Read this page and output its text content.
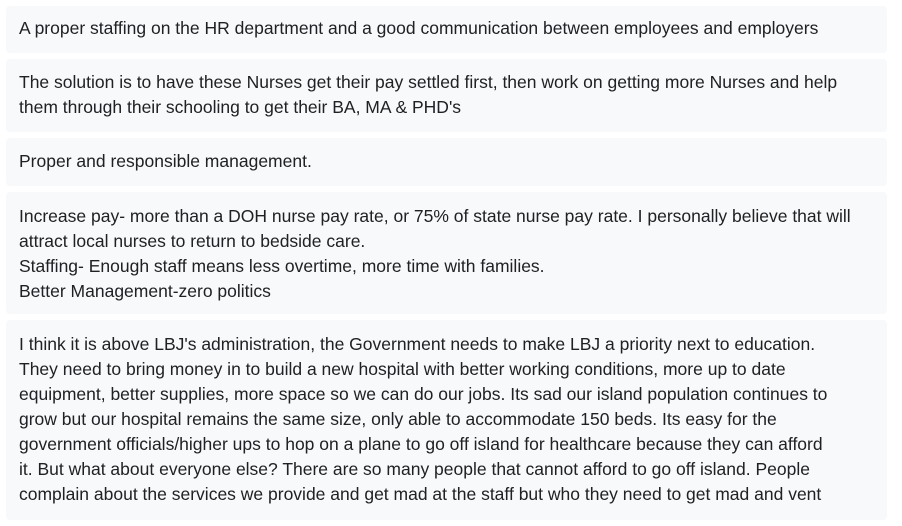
A proper staffing on the HR department and a good communication between employees and employers
The solution is to have these Nurses get their pay settled first, then work on getting more Nurses and help
them through their schooling to get their BA, MA & PHD's
Proper and responsible management.
Increase pay- more than a DOH nurse pay rate, or 75% of state nurse pay rate. I personally believe that will
attract local nurses to return to bedside care.
Staffing- Enough staff means less overtime, more time with families.
Better Management-zero politics
I think it is above LBJ's administration, the Government needs to make LBJ a priority next to education.
They need to bring money in to build a new hospital with better working conditions, more up to date
equipment, better supplies, more space so we can do our jobs. Its sad our island population continues to
grow but our hospital remains the same size, only able to accommodate 150 beds. Its easy for the
government officials/higher ups to hop on a plane to go off island for healthcare because they can afford
it. But what about everyone else? There are so many people that cannot afford to go off island. People
complain about the services we provide and get mad at the staff but who they need to get mad and vent
